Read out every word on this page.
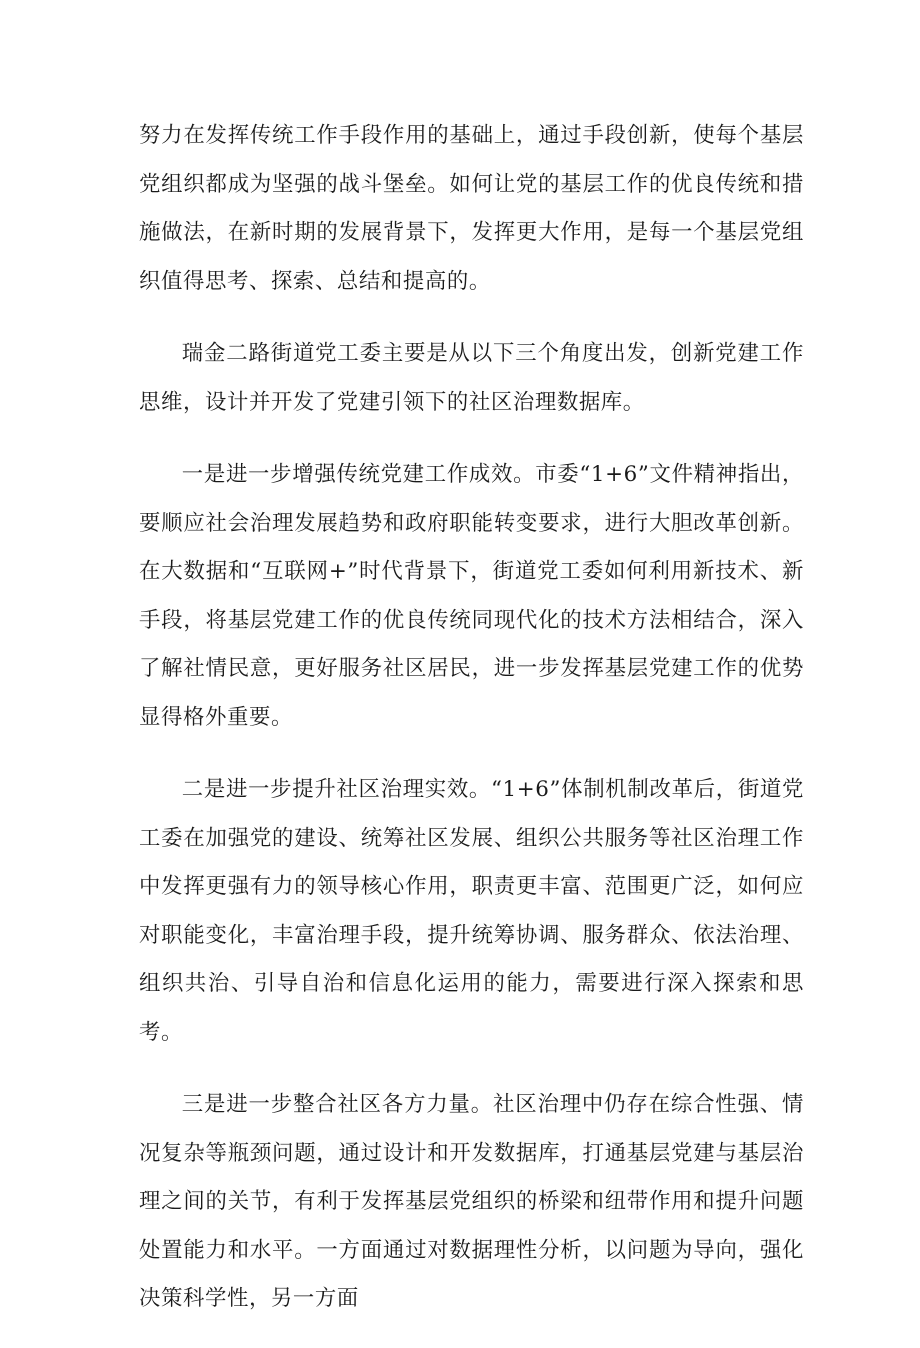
努力在发挥传统工作手段作用的基础上，通过手段创新，使每个基层党组织都成为坚强的战斗堡垒。如何让党的基层工作的优良传统和措施做法，在新时期的发展背景下，发挥更大作用，是每一个基层党组织值得思考、探索、总结和提高的。

瑞金二路街道党工委主要是从以下三个角度出发，创新党建工作思维，设计并开发了党建引领下的社区治理数据库。

一是进一步增强传统党建工作成效。市委“1+6”文件精神指出，要顺应社会治理发展趋势和政府职能转变要求，进行大胆改革创新。在大数据和“互联网+”时代背景下，街道党工委如何利用新技术、新手段，将基层党建工作的优良传统同现代化的技术方法相结合，深入了解社情民意，更好服务社区居民，进一步发挥基层党建工作的优势显得格外重要。

二是进一步提升社区治理实效。“1+6”体制机制改革后，街道党工委在加强党的建设、统筹社区发展、组织公共服务等社区治理工作中发挥更强有力的领导核心作用，职责更丰富、范围更广泛，如何应对职能变化，丰富治理手段，提升统筹协调、服务群众、依法治理、组织共治、引导自治和信息化运用的能力，需要进行深入探索和思考。

三是进一步整合社区各方力量。社区治理中仍存在综合性强、情况复杂等瓶颈问题，通过设计和开发数据库，打通基层党建与基层治理之间的关节，有利于发挥基层党组织的桥梁和纽带作用和提升问题处置能力和水平。一方面通过对数据理性分析，以问题为导向，强化决策科学性，另一方面
